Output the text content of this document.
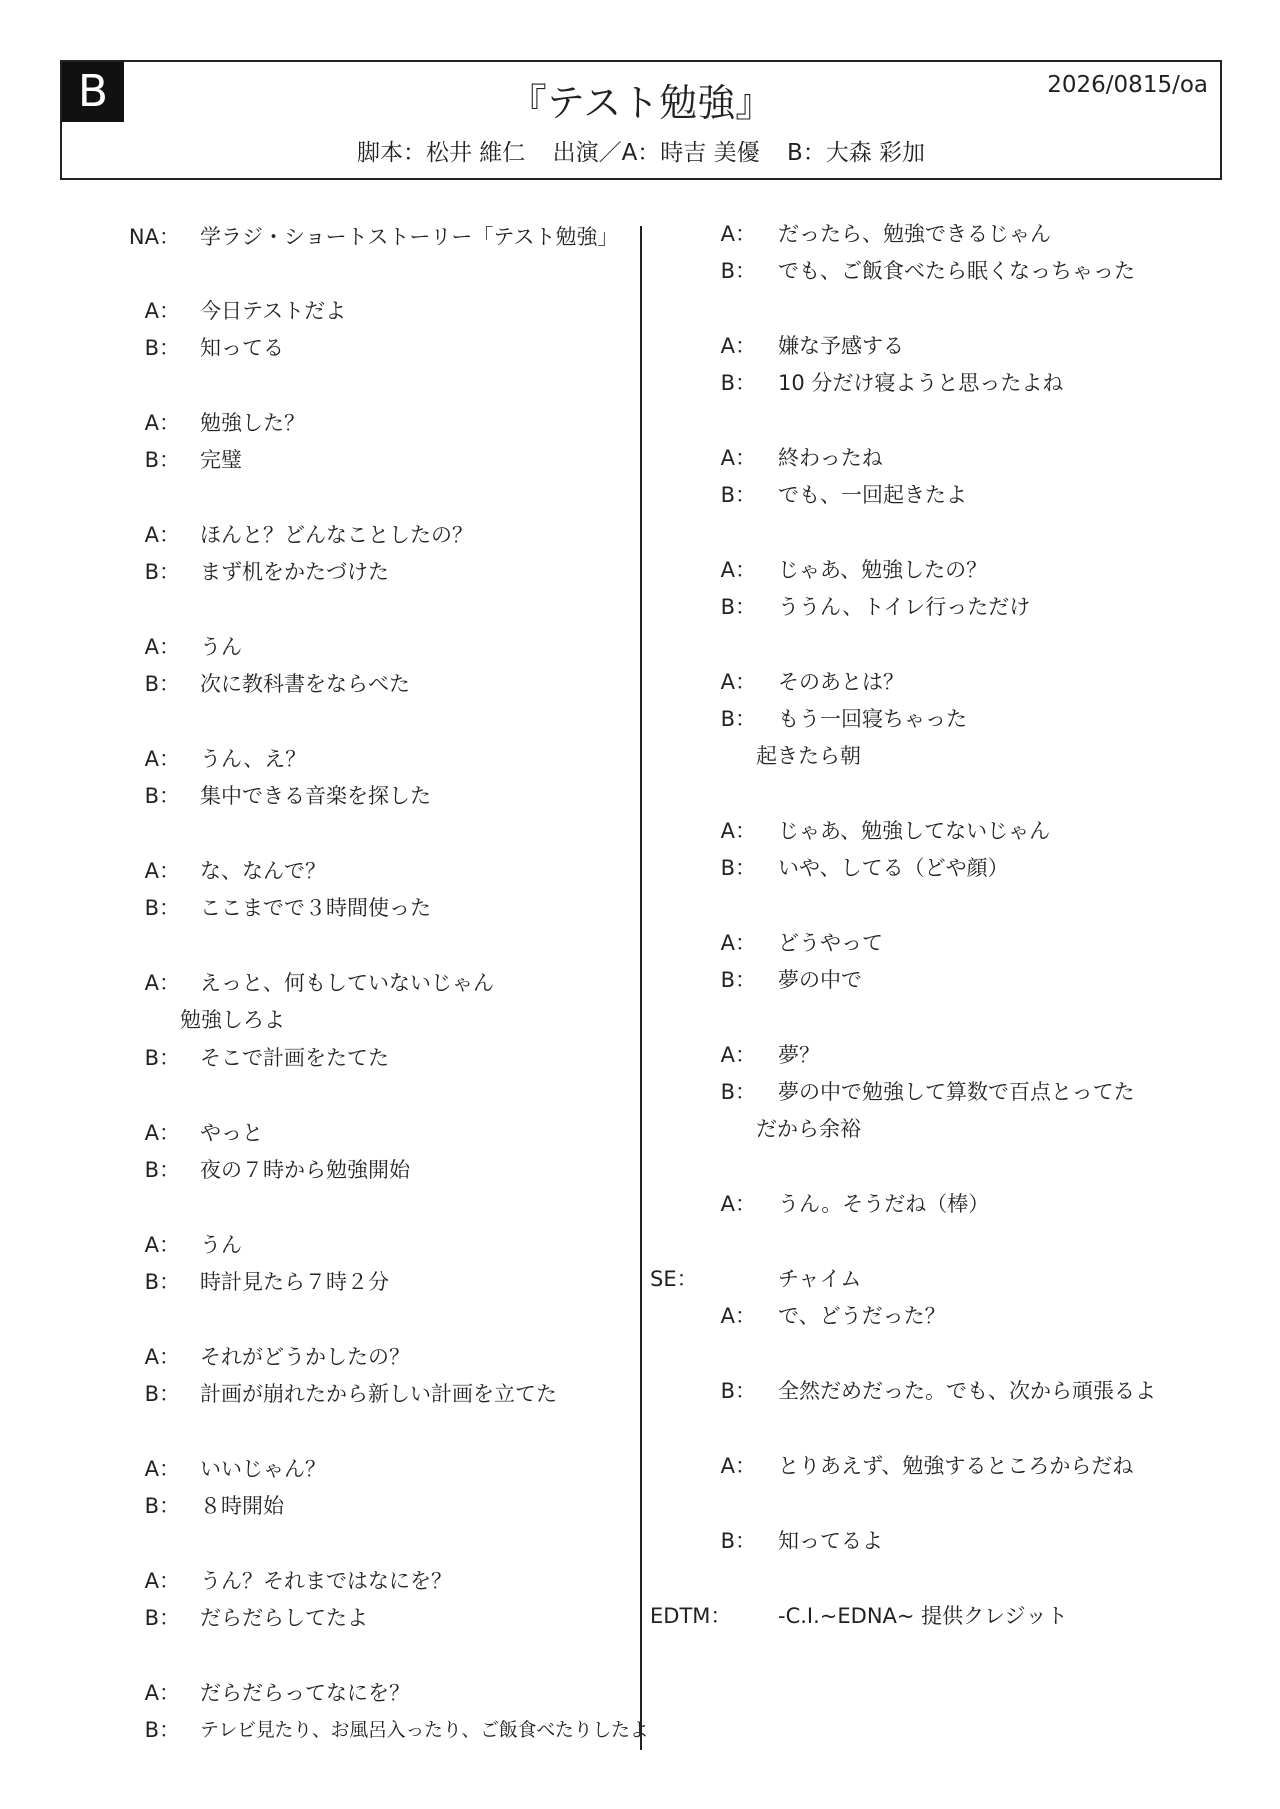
B	『テスト勉強』	2026/0815/oa
脚本：松井 維仁 出演／A：時吉 美優 B：大森 彩加
NA： 学ラジ・ショートストーリー「テスト勉強」
A： 今日テストだよ
B： 知ってる
A： 勉強した？
B： 完璧
A： ほんと？どんなことしたの？
B： まず机をかたづけた
A： うん
B： 次に教科書をならべた
A： うん、え？
B： 集中できる音楽を探した
A： な、なんで？
B： ここまでで３時間使った
A： えっと、何もしていないじゃん
勉強しろよ
B： そこで計画をたてた
A： やっと
B： 夜の７時から勉強開始
A： うん
B： 時計見たら７時２分
A： それがどうかしたの？
B： 計画が崩れたから新しい計画を立てた
A： いいじゃん？
B： ８時開始
A： うん？それまではなにを？
B： だらだらしてたよ
A： だらだらってなにを？
B： テレビ見たり、お風呂入ったり、ご飯食べたりしたよ
A： だったら、勉強できるじゃん
B： でも、ご飯食べたら眠くなっちゃった
A： 嫌な予感する
B： 10 分だけ寝ようと思ったよね
A： 終わったね
B： でも、一回起きたよ
A： じゃあ、勉強したの？
B： ううん、トイレ行っただけ
A： そのあとは？
B： もう一回寝ちゃった
起きたら朝
A： じゃあ、勉強してないじゃん
B： いや、してる（どや顔）
A： どうやって
B： 夢の中で
A： 夢？
B： 夢の中で勉強して算数で百点とってた
だから余裕
A： うん。そうだね（棒）
SE：	チャイム
A： で、どうだった？
B： 全然だめだった。でも、次から頑張るよ
A： とりあえず、勉強するところからだね
B： 知ってるよ
EDTM： -C.I.~EDNA~ 提供クレジット
